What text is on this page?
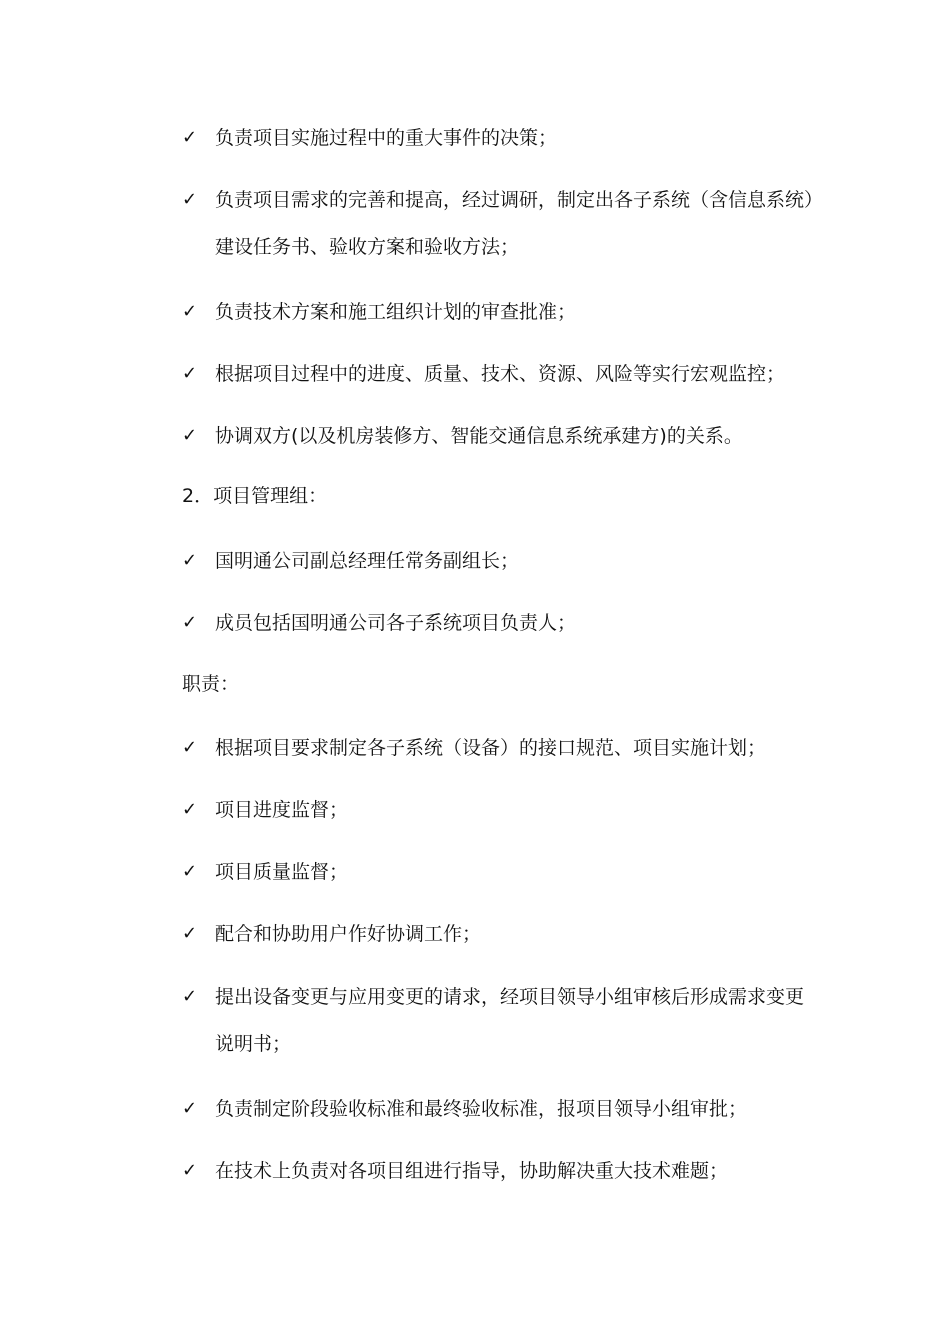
✓ 负责项目实施过程中的重大事件的决策；
✓ 负责项目需求的完善和提高，经过调研，制定出各子系统（含信息系统）建设任务书、验收方案和验收方法；
✓ 负责技术方案和施工组织计划的审查批准；
✓ 根据项目过程中的进度、质量、技术、资源、风险等实行宏观监控；
✓ 协调双方(以及机房装修方、智能交通信息系统承建方)的关系。
2．项目管理组：
✓ 国明通公司副总经理任常务副组长；
✓ 成员包括国明通公司各子系统项目负责人；
职责：
✓ 根据项目要求制定各子系统（设备）的接口规范、项目实施计划；
✓ 项目进度监督；
✓ 项目质量监督；
✓ 配合和协助用户作好协调工作；
✓ 提出设备变更与应用变更的请求，经项目领导小组审核后形成需求变更说明书；
✓ 负责制定阶段验收标准和最终验收标准，报项目领导小组审批；
✓ 在技术上负责对各项目组进行指导，协助解决重大技术难题；
